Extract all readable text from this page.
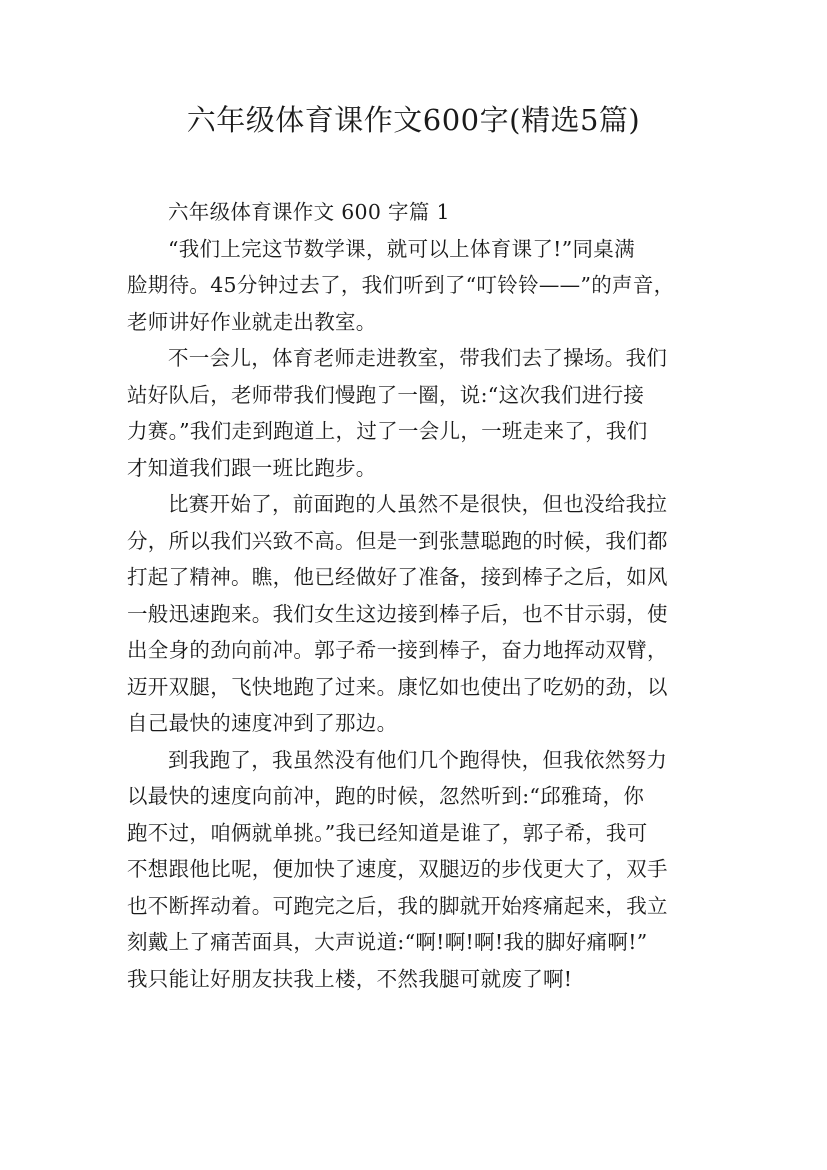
六年级体育课作文600字(精选5篇)
六年级体育课作文 600 字篇 1
“我们上完这节数学课，就可以上体育课了!”同桌满
脸期待。45分钟过去了，我们听到了“叮铃铃——”的声音，
老师讲好作业就走出教室。
不一会儿，体育老师走进教室，带我们去了操场。我们
站好队后，老师带我们慢跑了一圈，说:“这次我们进行接
力赛。”我们走到跑道上，过了一会儿，一班走来了，我们
才知道我们跟一班比跑步。
比赛开始了，前面跑的人虽然不是很快，但也没给我拉
分，所以我们兴致不高。但是一到张慧聪跑的时候，我们都
打起了精神。瞧，他已经做好了准备，接到棒子之后，如风
一般迅速跑来。我们女生这边接到棒子后，也不甘示弱，使
出全身的劲向前冲。郭子希一接到棒子，奋力地挥动双臂，
迈开双腿，飞快地跑了过来。康忆如也使出了吃奶的劲，以
自己最快的速度冲到了那边。
到我跑了，我虽然没有他们几个跑得快，但我依然努力
以最快的速度向前冲，跑的时候，忽然听到:“邱雅琦，你
跑不过，咱俩就单挑。”我已经知道是谁了，郭子希，我可
不想跟他比呢，便加快了速度，双腿迈的步伐更大了，双手
也不断挥动着。可跑完之后，我的脚就开始疼痛起来，我立
刻戴上了痛苦面具，大声说道:“啊!啊!啊!我的脚好痛啊!”
我只能让好朋友扶我上楼，不然我腿可就废了啊!
